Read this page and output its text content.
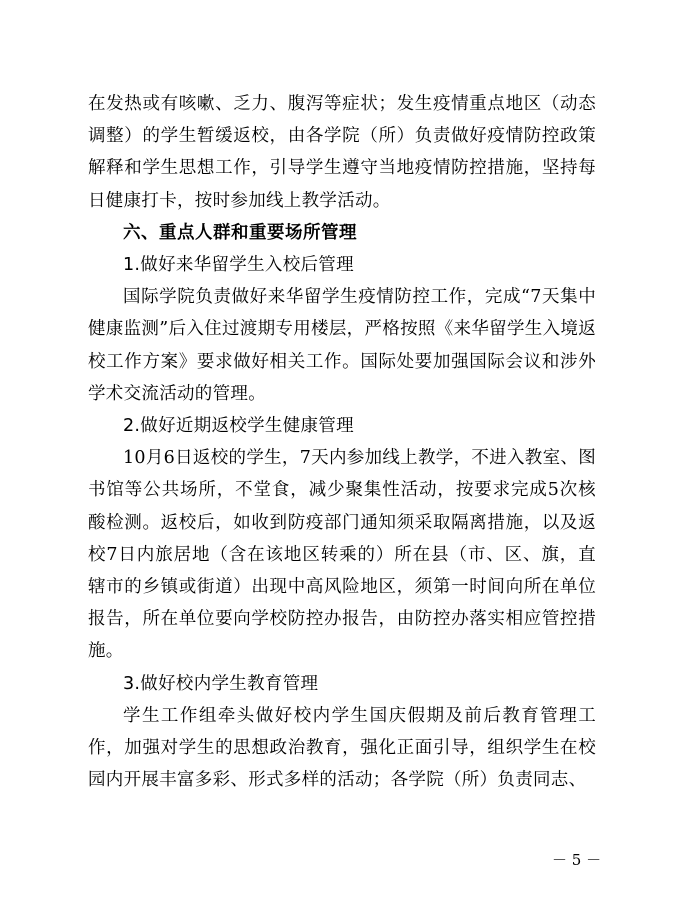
在发热或有咳嗽、乏力、腹泻等症状；发生疫情重点地区（动态调整）的学生暂缓返校，由各学院（所）负责做好疫情防控政策解释和学生思想工作，引导学生遵守当地疫情防控措施，坚持每日健康打卡，按时参加线上教学活动。

六、重点人群和重要场所管理

1.做好来华留学生入校后管理

国际学院负责做好来华留学生疫情防控工作，完成“7天集中健康监测”后入住过渡期专用楼层，严格按照《来华留学生入境返校工作方案》要求做好相关工作。国际处要加强国际会议和涉外学术交流活动的管理。

2.做好近期返校学生健康管理

10月6日返校的学生，7天内参加线上教学，不进入教室、图书馆等公共场所，不堂食，减少聚集性活动，按要求完成5次核酸检测。返校后，如收到防疫部门通知须采取隔离措施，以及返校7日内旅居地（含在该地区转乘的）所在县（市、区、旗，直辖市的乡镇或街道）出现中高风险地区，须第一时间向所在单位报告，所在单位要向学校防控办报告，由防控办落实相应管控措施。

3.做好校内学生教育管理

学生工作组牵头做好校内学生国庆假期及前后教育管理工作，加强对学生的思想政治教育，强化正面引导，组织学生在校园内开展丰富多彩、形式多样的活动；各学院（所）负责同志、

－ 5 －
